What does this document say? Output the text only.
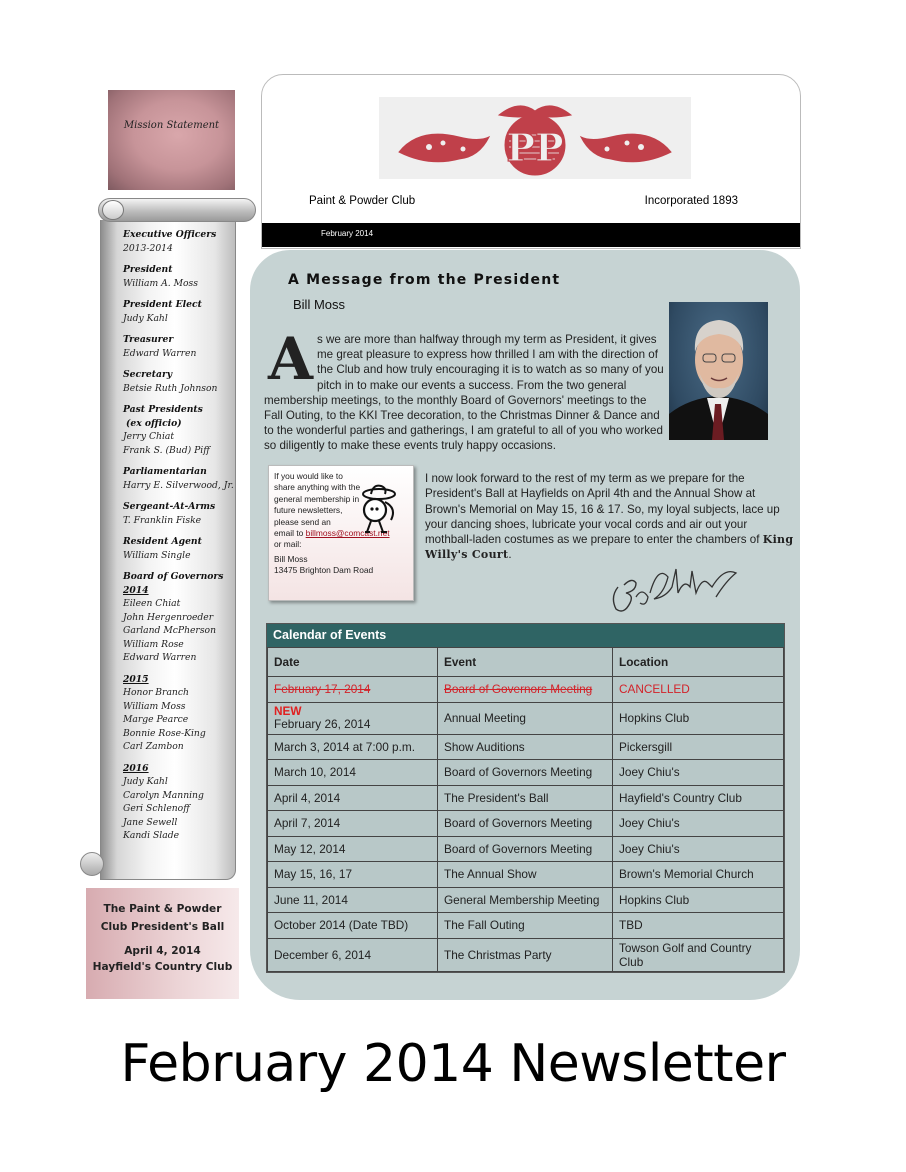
Mission Statement
Executive Officers
2013-2014
President
William A. Moss
President Elect
Judy Kahl
Treasurer
Edward Warren
Secretary
Betsie Ruth Johnson
Past Presidents
(ex officio)
Jerry Chiat
Frank S. (Bud) Piff
Parliamentarian
Harry E. Silverwood, Jr.
Sergeant-At-Arms
T. Franklin Fiske
Resident Agent
William Single
Board of Governors
2014
Eileen Chiat
John Hergenroeder
Garland McPherson
William Rose
Edward Warren
2015
Honor Branch
William Moss
Marge Pearce
Bonnie Rose-King
Carl Zambon
2016
Judy Kahl
Carolyn Manning
Geri Schlenoff
Jane Sewell
Kandi Slade
The Paint & Powder
Club President's Ball
April 4, 2014
Hayfield's Country Club
PP
Paint & Powder Club	Incorporated 1893
February 2014
A Message from the President
Bill Moss
A s we are more than halfway through my term as President, it gives me great pleasure to express how thrilled I am with the direction of the Club and how truly encouraging it is to watch as so many of you pitch in to make our events a success. From the two general membership meetings, to the monthly Board of Governors' meetings to the Fall Outing, to the KKI Tree decoration, to the Christmas Dinner & Dance and to the wonderful parties and gatherings, I am grateful to all of you who worked so diligently to make these events truly happy occasions.
If you would like to share anything with the general membership in future newsletters, please send an
email to billmoss@comcast.net
or mail:
Bill Moss
13475 Brighton Dam Road
I now look forward to the rest of my term as we prepare for the President's Ball at Hayfields on April 4th and the Annual Show at Brown's Memorial on May 15, 16 & 17. So, my loyal subjects, lace up your dancing shoes, lubricate your vocal cords and air out your mothball-laden costumes as we prepare to enter the chambers of King Willy's Court.
Calendar of Events
Date	Event	Location
February 17, 2014	Board of Governors Meeting	CANCELLED

NEW
February 26, 2014	Annual Meeting	Hopkins Club
March 3, 2014 at 7:00 p.m.	Show Auditions	Pickersgill
March 10, 2014	Board of Governors Meeting	Joey Chiu's
April 4, 2014	The President's Ball	Hayfield's Country Club
April 7, 2014	Board of Governors Meeting	Joey Chiu's
May 12, 2014	Board of Governors Meeting	Joey Chiu's
May 15, 16, 17	The Annual Show	Brown's Memorial Church
June 11, 2014	General Membership Meeting	Hopkins Club
October 2014 (Date TBD)	The Fall Outing	TBD
December 6, 2014	The Christmas Party	Towson Golf and Country Club
February 2014 Newsletter
